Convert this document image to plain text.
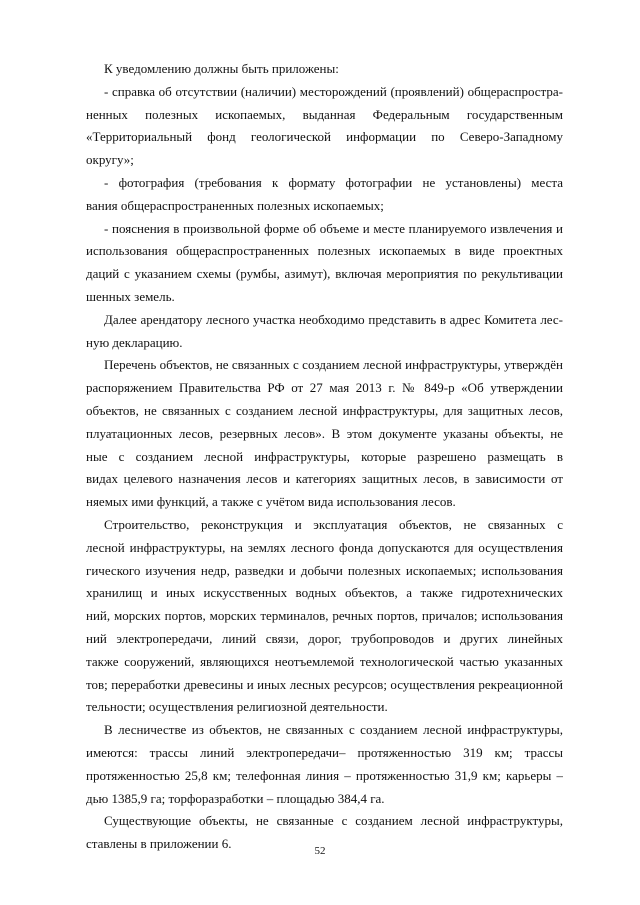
К уведомлению должны быть приложены:
- справка об отсутствии (наличии) месторождений (проявлений) общераспростра-
ненных полезных ископаемых, выданная Федеральным государственным
«Территориальный фонд геологической информации по Северо-Западному
округу»;
- фотография (требования к формату фотографии не установлены) места
вания общераспространенных полезных ископаемых;
- пояснения в произвольной форме об объеме и месте планируемого извлечения и
использования общераспространенных полезных ископаемых в виде проектных
даций с указанием схемы (румбы, азимут), включая мероприятия по рекультивации
шенных земель.
Далее арендатору лесного участка необходимо представить в адрес Комитета лес-
ную декларацию.
Перечень объектов, не связанных с созданием лесной инфраструктуры, утверждён
распоряжением Правительства РФ от 27 мая 2013 г. № 849-р «Об утверждении
объектов, не связанных с созданием лесной инфраструктуры, для защитных лесов,
плуатационных лесов, резервных лесов». В этом документе указаны объекты, не
ные с созданием лесной инфраструктуры, которые разрешено размещать в
видах целевого назначения лесов и категориях защитных лесов, в зависимости от
няемых ими функций, а также с учётом вида использования лесов.
Строительство, реконструкция и эксплуатация объектов, не связанных с
лесной инфраструктуры, на землях лесного фонда допускаются для осуществления
гического изучения недр, разведки и добычи полезных ископаемых; использования
хранилищ и иных искусственных водных объектов, а также гидротехнических
ний, морских портов, морских терминалов, речных портов, причалов; использования
ний электропередачи, линий связи, дорог, трубопроводов и других линейных
также сооружений, являющихся неотъемлемой технологической частью указанных
тов; переработки древесины и иных лесных ресурсов; осуществления рекреационной
тельности; осуществления религиозной деятельности.
В лесничестве из объектов, не связанных с созданием лесной инфраструктуры,
имеются: трассы линий электропередачи– протяженностью 319 км; трассы
протяженностью 25,8 км; телефонная линия – протяженностью 31,9 км; карьеры –
дью 1385,9 га; торфоразработки – площадью 384,4 га.
Существующие объекты, не связанные с созданием лесной инфраструктуры,
ставлены в приложении 6.	52
